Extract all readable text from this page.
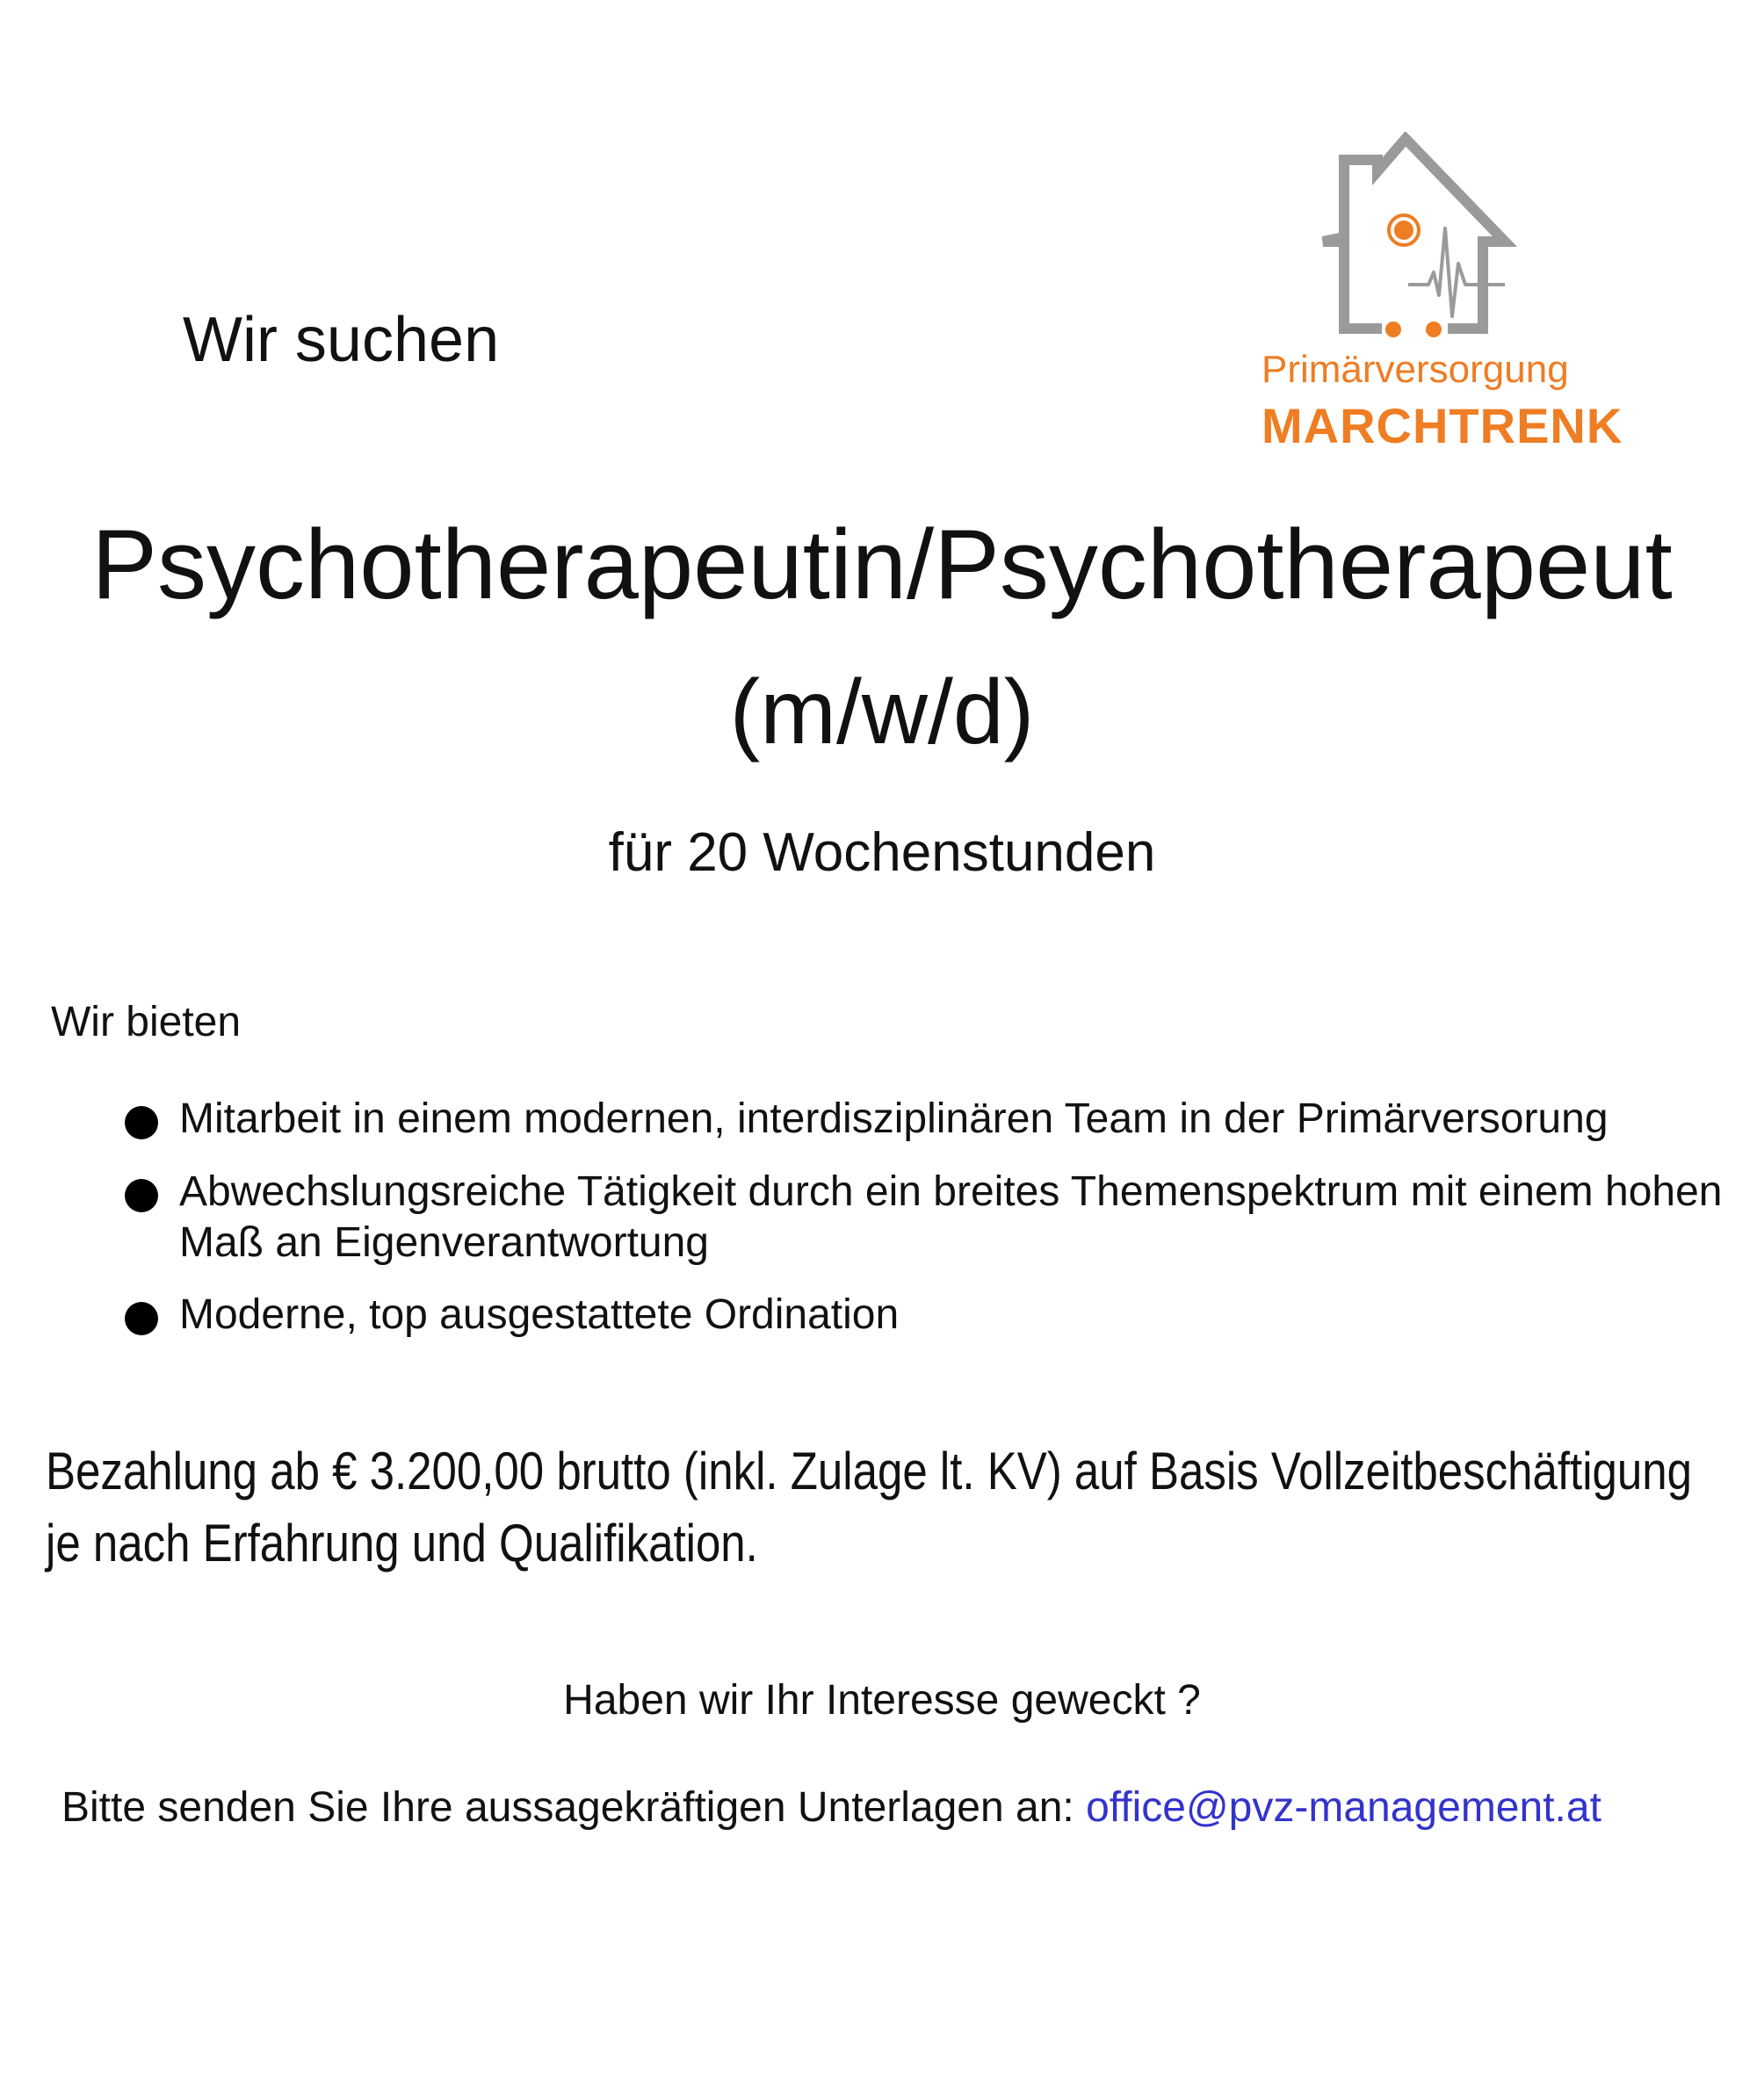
Wir suchen	Primärversorgung
MARCHTRENK
Psychotherapeutin/Psychotherapeut
(m/w/d)
für 20 Wochenstunden
Wir bieten
Mitarbeit in einem modernen, interdisziplinären Team in der Primärversorung
Abwechslungsreiche Tätigkeit durch ein breites Themenspektrum mit einem hohen Maß an Eigenverantwortung
Moderne, top ausgestattete Ordination
Bezahlung ab € 3.200,00 brutto (inkl. Zulage lt. KV) auf Basis Vollzeitbeschäftigung
je nach Erfahrung und Qualifikation.
Haben wir Ihr Interesse geweckt ?
Bitte senden Sie Ihre aussagekräftigen Unterlagen an: office@pvz-management.at
